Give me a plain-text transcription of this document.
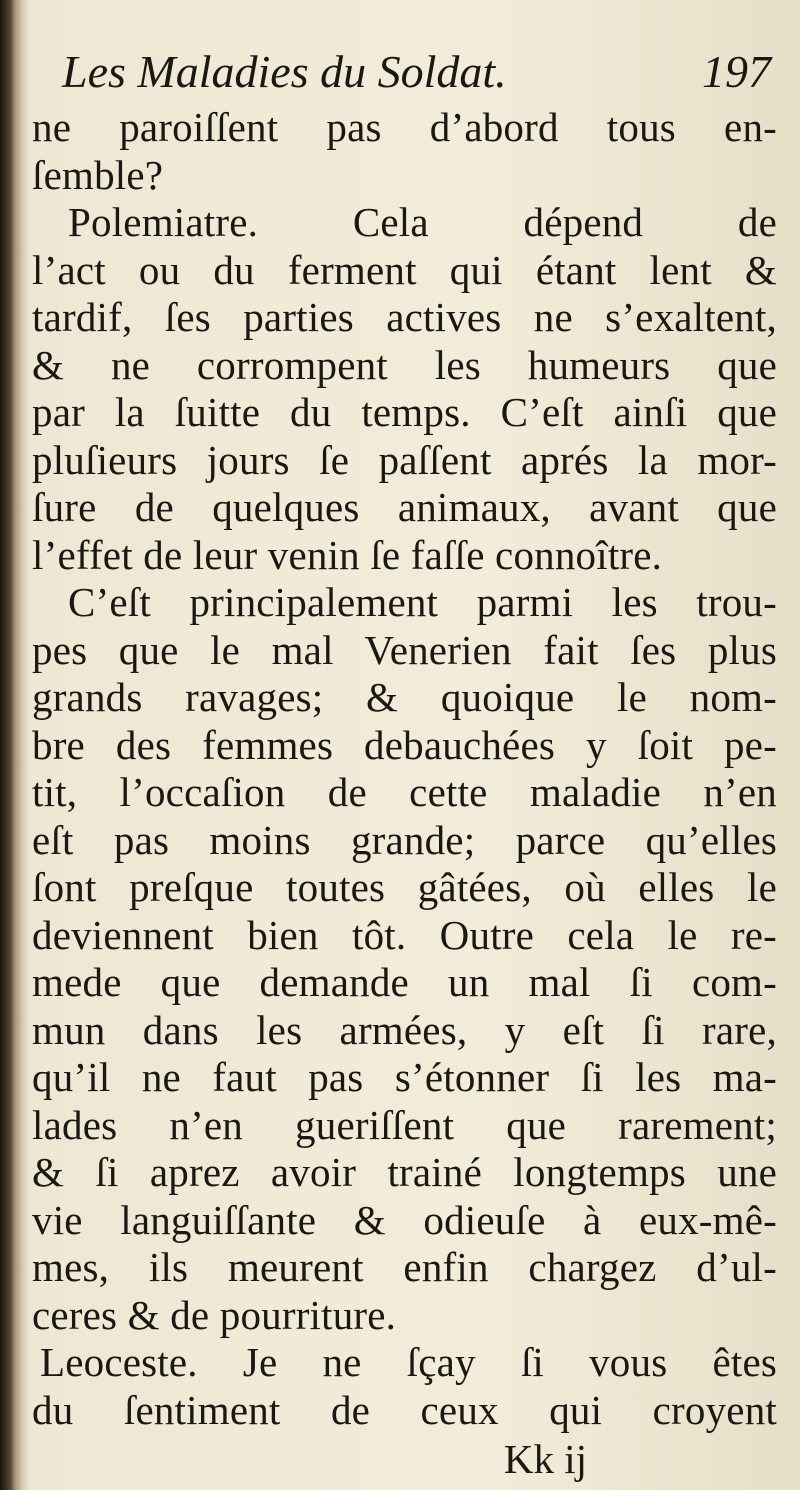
Les Maladies du Soldat.	197
ne paroiſſent pas d’abord tous en-
ſemble?
Polemiatre. Cela dépend de
l’act ou du ferment qui étant lent &
tardif, ſes parties actives ne s’exaltent,
& ne corrompent les humeurs que
par la ſuitte du temps. C’eſt ainſi que
pluſieurs jours ſe paſſent aprés la mor-
ſure de quelques animaux, avant que
l’effet de leur venin ſe faſſe connoître.
C’eſt principalement parmi les trou-
pes que le mal Venerien fait ſes plus
grands ravages; & quoique le nom-
bre des femmes debauchées y ſoit pe-
tit, l’occaſion de cette maladie n’en
eſt pas moins grande; parce qu’elles
ſont preſque toutes gâtées, où elles le
deviennent bien tôt. Outre cela le re-
mede que demande un mal ſi com-
mun dans les armées, y eſt ſi rare,
qu’il ne faut pas s’étonner ſi les ma-
lades n’en gueriſſent que rarement;
& ſi aprez avoir trainé longtemps une
vie languiſſante & odieuſe à eux-mê-
mes, ils meurent enfin chargez d’ul-
ceres & de pourriture.
Leoceste. Je ne ſçay ſi vous êtes
du ſentiment de ceux qui croyent
Kk ij
